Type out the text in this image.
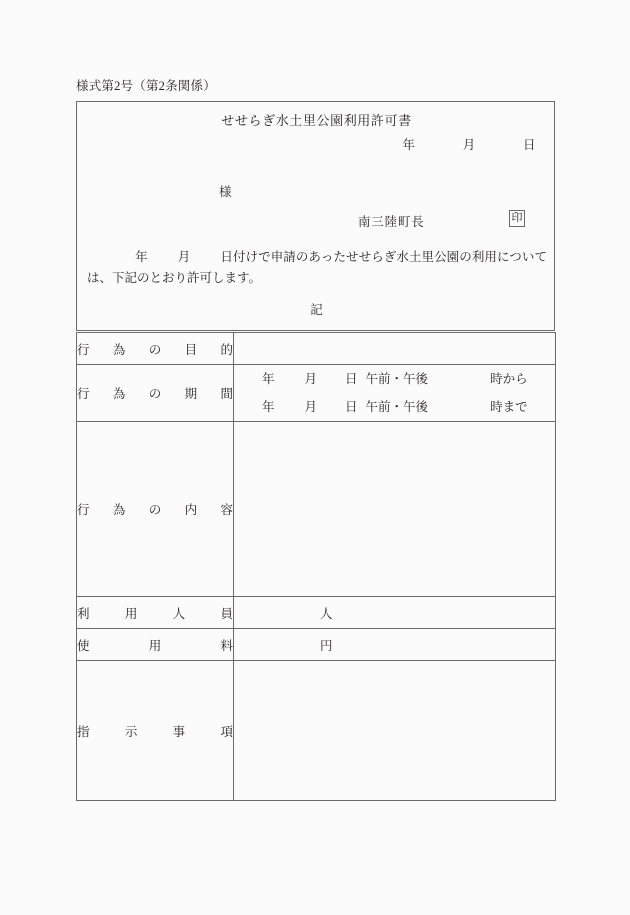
様式第2号（第2条関係）
せせらぎ水土里公園利用許可書
年	月	日
様
南三陸町長	印
年 月 日付けで申請のあったせせらぎ水土里公園の利用については、下記のとおり許可します。
記
行為の目的	

行為の期間	年 月 日 午前・午後 時から
年 月 日 午前・午後 時まで

行為の内容	

利用人員	人

使用料	円

指示事項	
